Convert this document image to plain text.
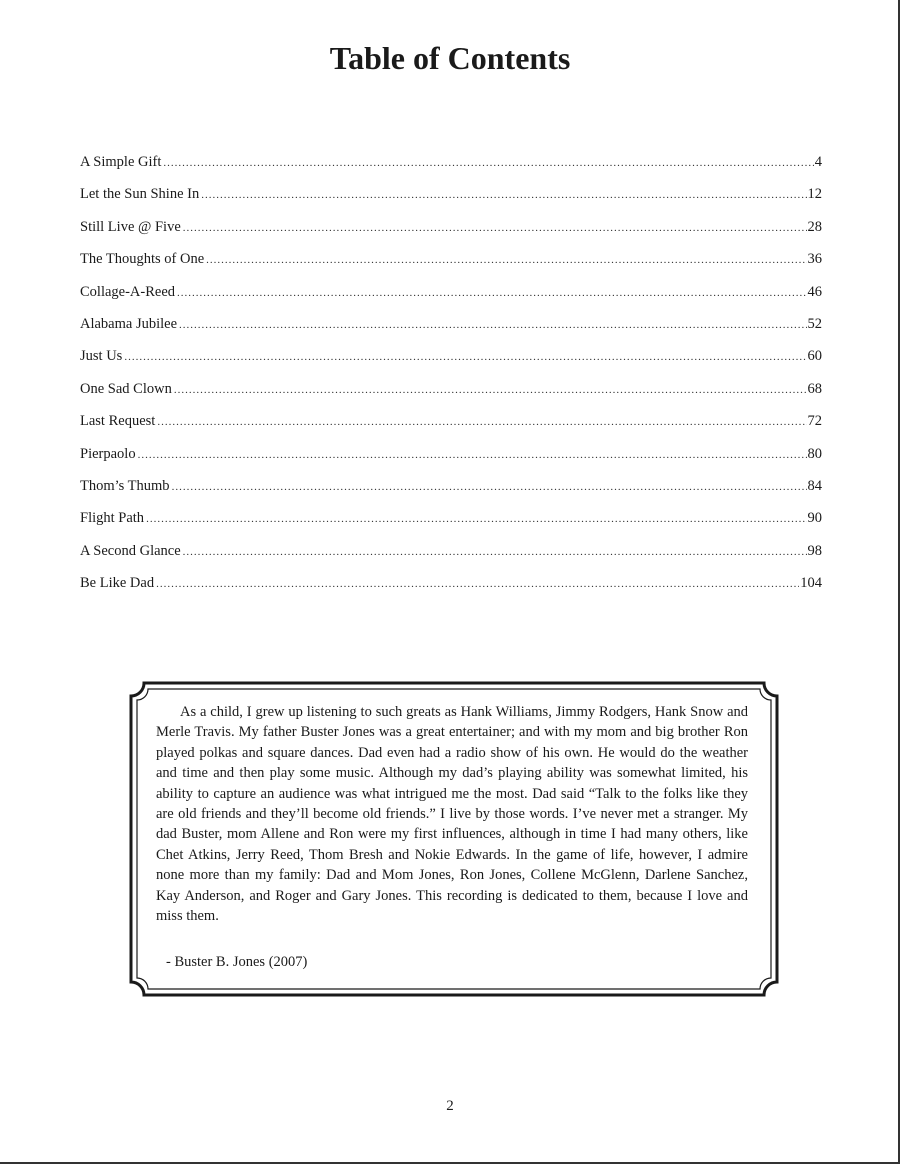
Table of Contents
A Simple Gift .....	4
Let the Sun Shine In .....	12
Still Live @ Five .....	28
The Thoughts of One .....	36
Collage-A-Reed .....	46
Alabama Jubilee .....	52
Just Us .....	60
One Sad Clown .....	68
Last Request .....	72
Pierpaolo .....	80
Thom’s Thumb .....	84
Flight Path .....	90
A Second Glance .....	98
Be Like Dad .....	104

As a child, I grew up listening to such greats as Hank Williams, Jimmy Rodgers, Hank Snow and Merle Travis. My father Buster Jones was a great entertainer; and with my mom and big brother Ron played polkas and square dances. Dad even had a radio show of his own. He would do the weather and time and then play some music. Although my dad’s playing ability was somewhat limited, his ability to capture an audience was what intrigued me the most. Dad said “Talk to the folks like they are old friends and they’ll become old friends.” I live by those words. I’ve never met a stranger. My dad Buster, mom Allene and Ron were my first influences, although in time I had many others, like Chet Atkins, Jerry Reed, Thom Bresh and Nokie Edwards. In the game of life, however, I admire none more than my family: Dad and Mom Jones, Ron Jones, Collene McGlenn, Darlene Sanchez, Kay Anderson, and Roger and Gary Jones. This recording is dedicated to them, because I love and miss them.

- Buster B. Jones (2007)

2
